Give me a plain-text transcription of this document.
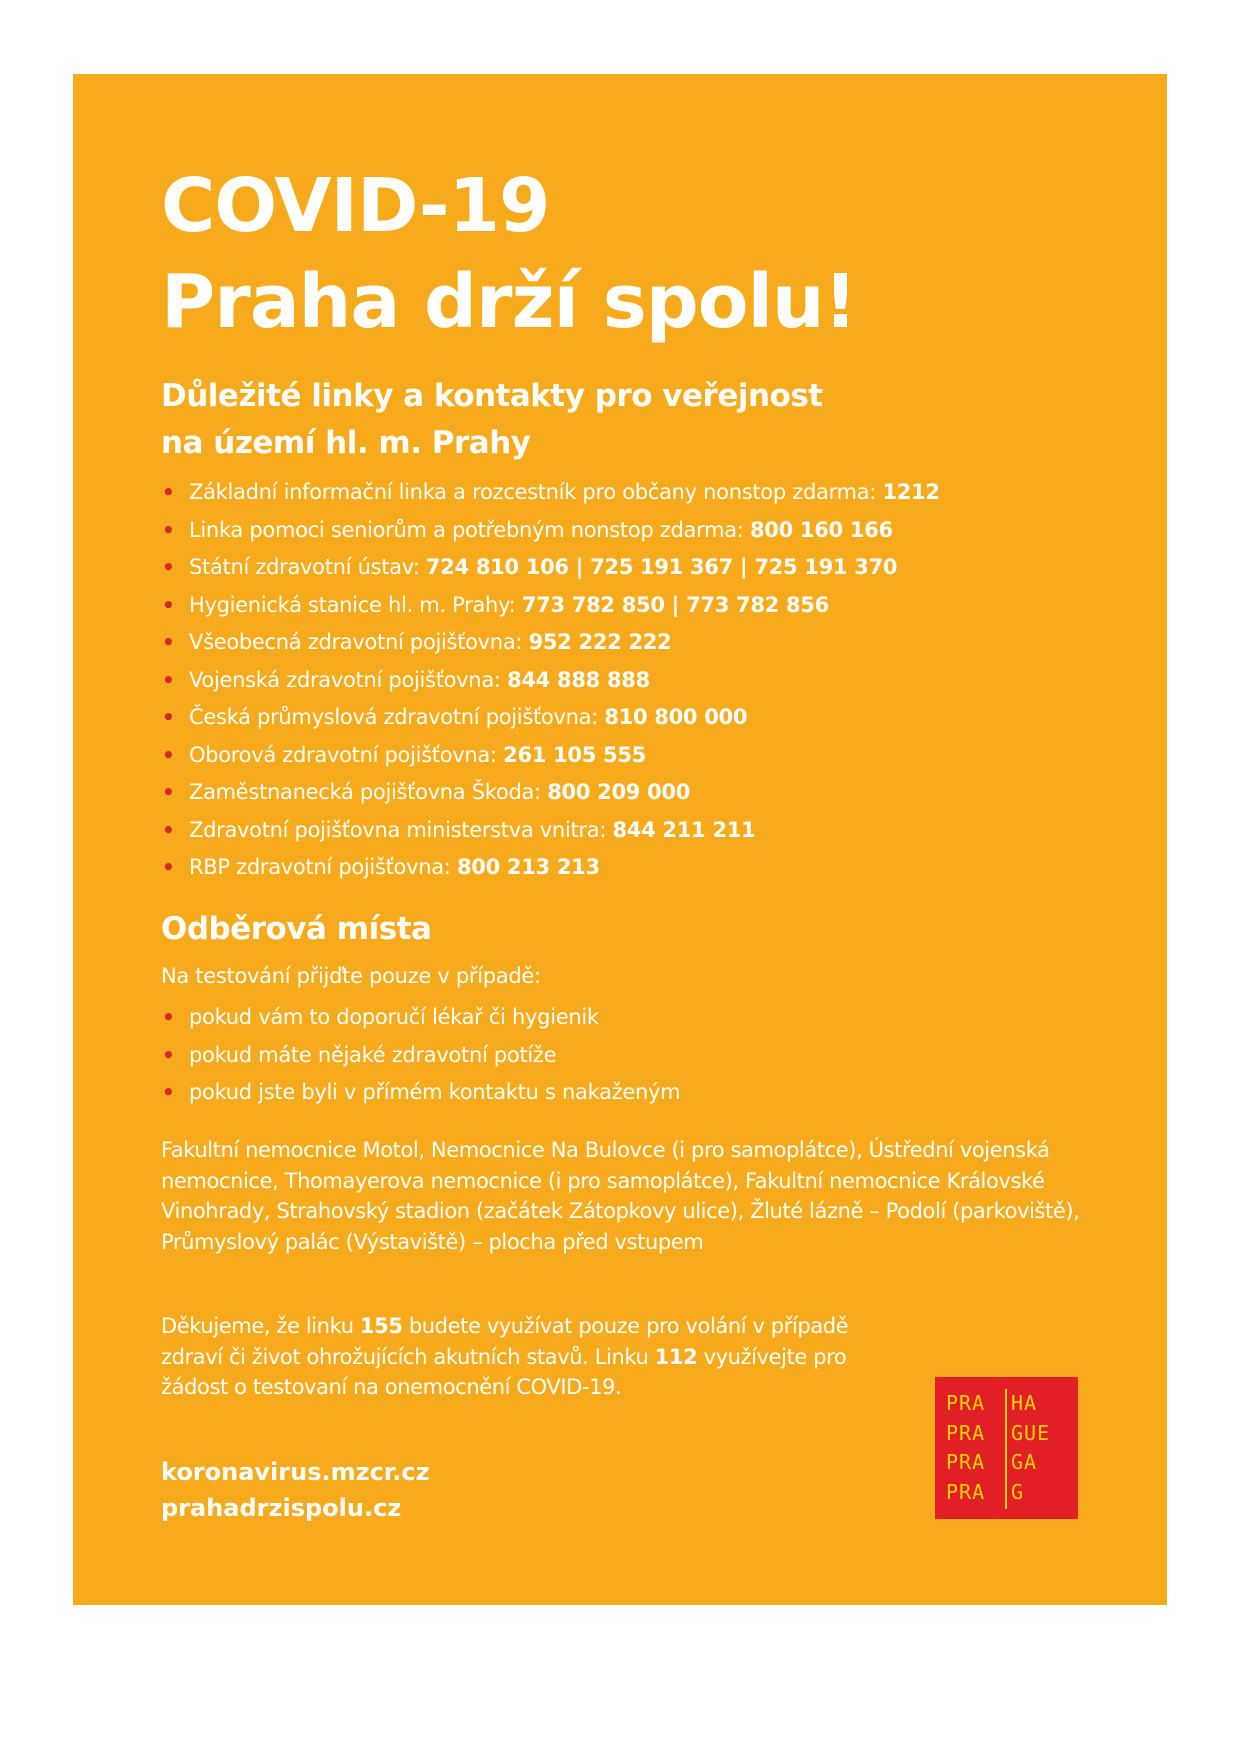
COVID-19
Praha drží spolu!
Důležité linky a kontakty pro veřejnost
na území hl. m. Prahy
• Základní informační linka a rozcestník pro občany nonstop zdarma: 1212
• Linka pomoci seniorům a potřebným nonstop zdarma: 800 160 166
• Státní zdravotní ústav: 724 810 106 | 725 191 367 | 725 191 370
• Hygienická stanice hl. m. Prahy: 773 782 850 | 773 782 856
• Všeobecná zdravotní pojišťovna: 952 222 222
• Vojenská zdravotní pojišťovna: 844 888 888
• Česká průmyslová zdravotní pojišťovna: 810 800 000
• Oborová zdravotní pojišťovna: 261 105 555
• Zaměstnanecká pojišťovna Škoda: 800 209 000
• Zdravotní pojišťovna ministerstva vnitra: 844 211 211
• RBP zdravotní pojišťovna: 800 213 213
Odběrová místa

Na testování přijďte pouze v případě:

• pokud vám to doporučí lékař či hygienik
• pokud máte nějaké zdravotní potíže
• pokud jste byli v přímém kontaktu s nakaženým

Fakultní nemocnice Motol, Nemocnice Na Bulovce (i pro samoplátce), Ústřední vojenská nemocnice, Thomayerova nemocnice (i pro samoplátce), Fakultní nemocnice Královské Vinohrady, Strahovský stadion (začátek Zátopkovy ulice), Žluté lázně – Podolí (parkoviště), Průmyslový palác (Výstaviště) – plocha před vstupem

Děkujeme, že linku 155 budete využívat pouze pro volání v případě zdraví či život ohrožujících akutních stavů. Linku 112 využívejte pro žádost o testovaní na onemocnění COVID-19.

koronavirus.mzcr.cz
prahadrzispolu.cz

PRA
PRA
PRA
PRA
HA
GUE
GA
G
